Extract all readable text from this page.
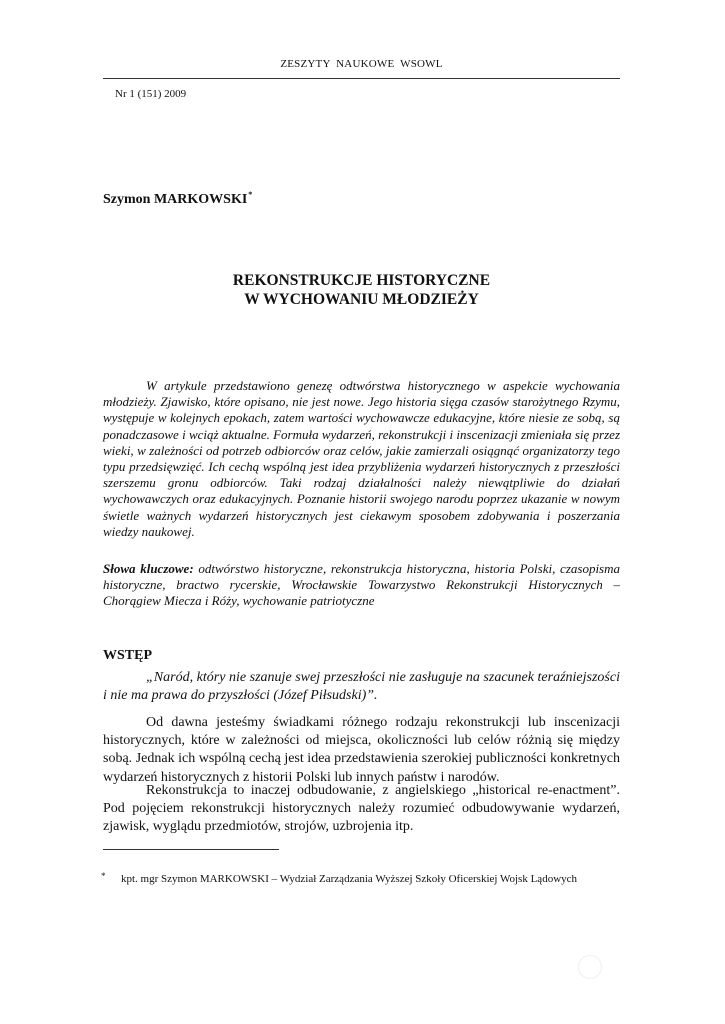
ZESZYTY NAUKOWE WSOWL
Nr 1 (151) 2009
Szymon MARKOWSKI*
REKONSTRUKCJE HISTORYCZNE
W WYCHOWANIU MŁODZIEŻY

W artykule przedstawiono genezę odtwórstwa historycznego w aspekcie wychowania młodzieży. Zjawisko, które opisano, nie jest nowe. Jego historia sięga czasów starożytnego Rzymu, występuje w kolejnych epokach, zatem wartości wychowawcze edukacyjne, które niesie ze sobą, są ponadczasowe i wciąż aktualne. Formuła wydarzeń, rekonstrukcji i inscenizacji zmieniała się przez wieki, w zależności od potrzeb odbiorców oraz celów, jakie zamierzali osiągnąć organizatorzy tego typu przedsięwzięć. Ich cechą wspólną jest idea przybliżenia wydarzeń historycznych z przeszłości szerszemu gronu odbiorców. Taki rodzaj działalności należy niewątpliwie do działań wychowawczych oraz edukacyjnych. Poznanie historii swojego narodu poprzez ukazanie w nowym świetle ważnych wydarzeń historycznych jest ciekawym sposobem zdobywania i poszerzania wiedzy naukowej.

Słowa kluczowe: odtwórstwo historyczne, rekonstrukcja historyczna, historia Polski, czasopisma historyczne, bractwo rycerskie, Wrocławskie Towarzystwo Rekonstrukcji Historycznych – Chorągiew Miecza i Róży, wychowanie patriotyczne

WSTĘP

„Naród, który nie szanuje swej przeszłości nie zasługuje na szacunek teraźniejszości i nie ma prawa do przyszłości (Józef Piłsudski)”.

Od dawna jesteśmy świadkami różnego rodzaju rekonstrukcji lub inscenizacji historycznych, które w zależności od miejsca, okoliczności lub celów różnią się między sobą. Jednak ich wspólną cechą jest idea przedstawienia szerokiej publiczności konkretnych wydarzeń historycznych z historii Polski lub innych państw i narodów.

Rekonstrukcja to inaczej odbudowanie, z angielskiego „historical re-enactment”. Pod pojęciem rekonstrukcji historycznych należy rozumieć odbudowywanie wydarzeń, zjawisk, wyglądu przedmiotów, strojów, uzbrojenia itp.

*	kpt. mgr Szymon MARKOWSKI – Wydział Zarządzania Wyższej Szkoły Oficerskiej Wojsk Lądowych
